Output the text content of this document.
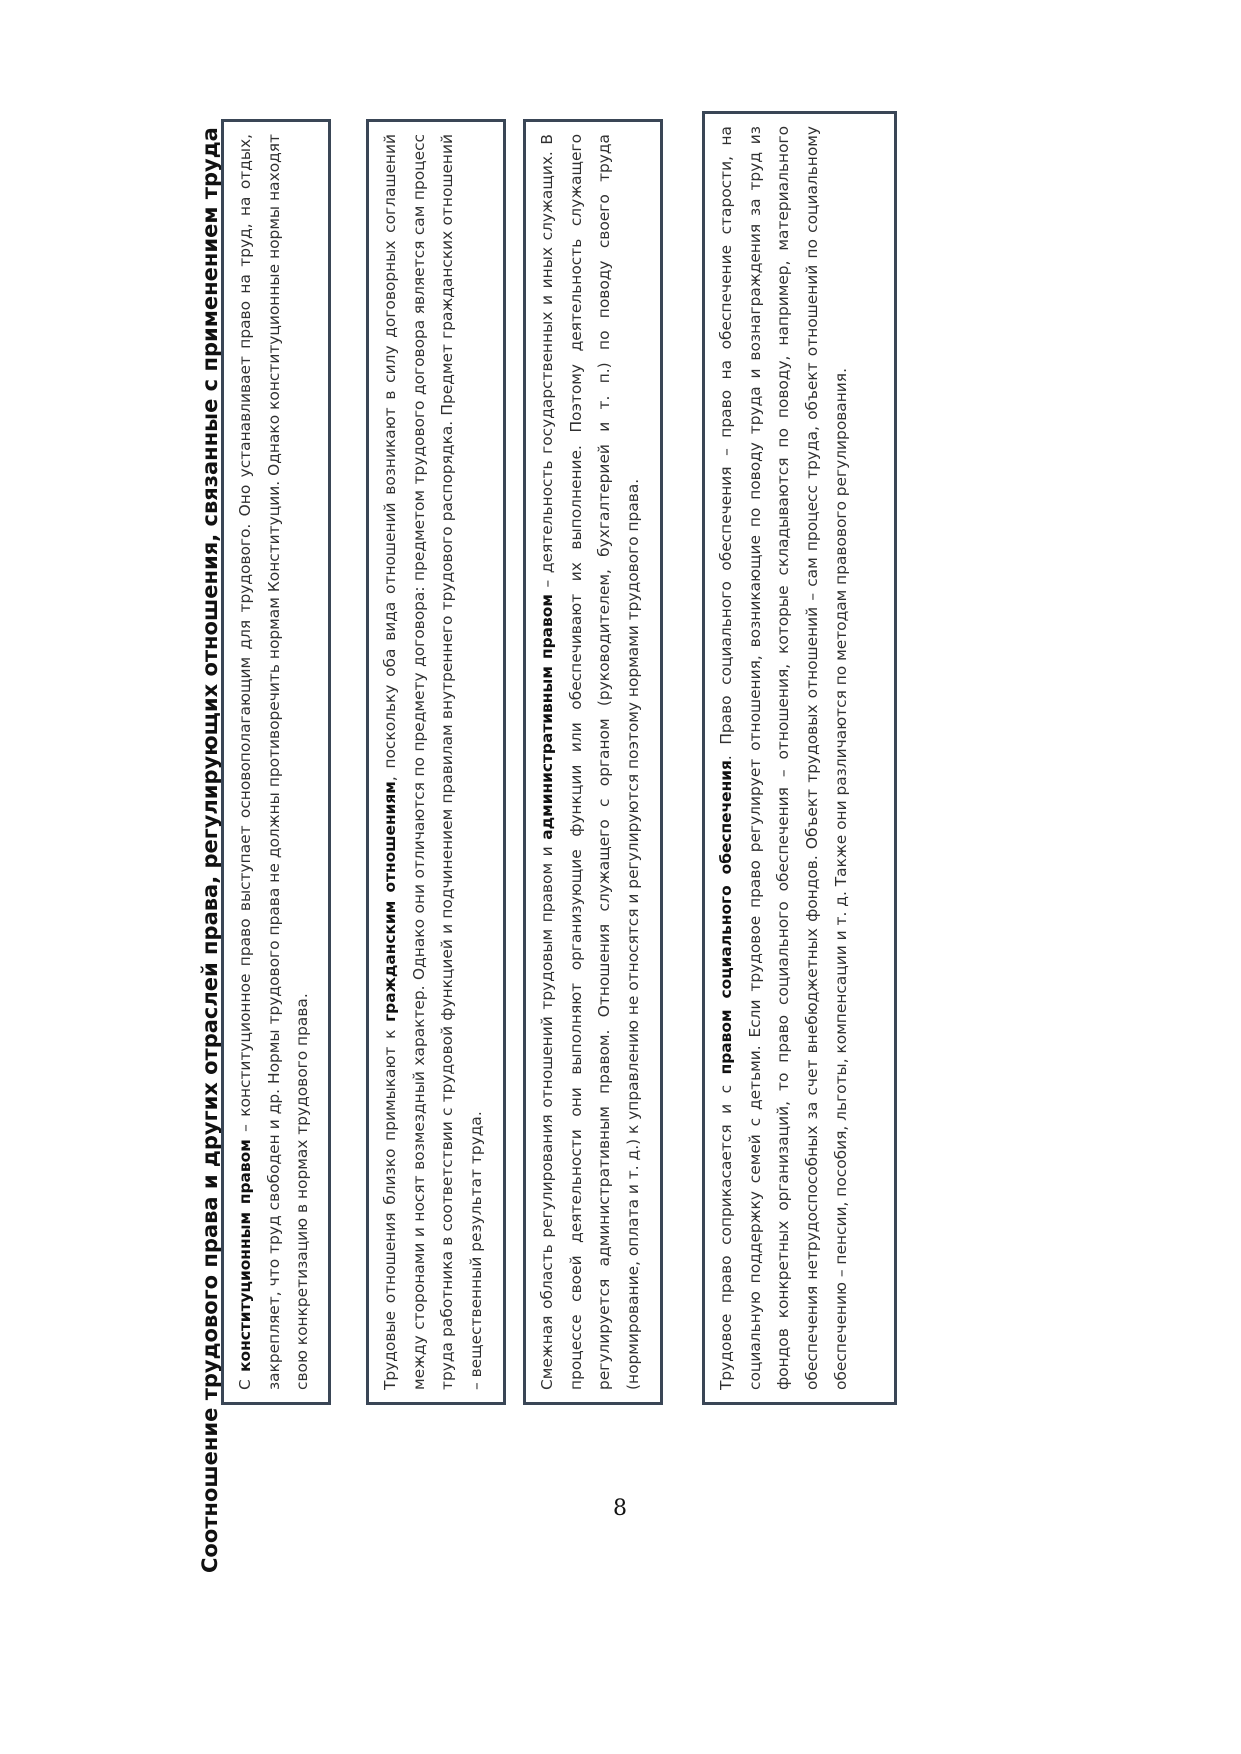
Соотношение трудового права и других отраслей права, регулирующих отношения, связанные с применением труда С конституционным правом – конституционное право выступает основополагающим для трудового. Оно устанавливает право на труд, на отдых, закрепляет, что труд свободен и др. Нормы трудового права не должны противоречить нормам Конституции. Однако конституционные нормы находят свою конкретизацию в нормах трудового права.	Трудовые отношения близко примыкают к гражданским отношениям, поскольку оба вида отношений возникают в силу договорных соглашений между сторонами и носят возмездный характер. Однако они отличаются по предмету договора: предметом трудового договора является сам процесс труда работника в соответствии с трудовой функцией и подчинением правилам внутреннего трудового распорядка. Предмет гражданских отношений – вещественный результат труда.	Смежная область регулирования отношений трудовым правом и административным правом – деятельность государственных и иных служащих. В процессе своей деятельности они выполняют организующие функции или обеспечивают их выполнение. Поэтому деятельность служащего регулируется административным правом. Отношения служащего с органом (руководителем, бухгалтерией и т. п.) по поводу своего труда (нормирование, оплата и т. д.) к управлению не относятся и регулируются поэтому нормами трудового права.	Трудовое право соприкасается и с правом социального обеспечения. Право социального обеспечения – право на обеспечение старости, на социальную поддержку семей с детьми. Если трудовое право регулирует отношения, возникающие по поводу труда и вознаграждения за труд из фондов конкретных организаций, то право социального обеспечения – отношения, которые складываются по поводу, например, материального обеспечения нетрудоспособных за счет внебюджетных фондов. Объект трудовых отношений – сам процесс труда, объект отношений по социальному обеспечению – пенсии, пособия, льготы, компенсации и т. д. Также они различаются по методам правового регулирования.
8
